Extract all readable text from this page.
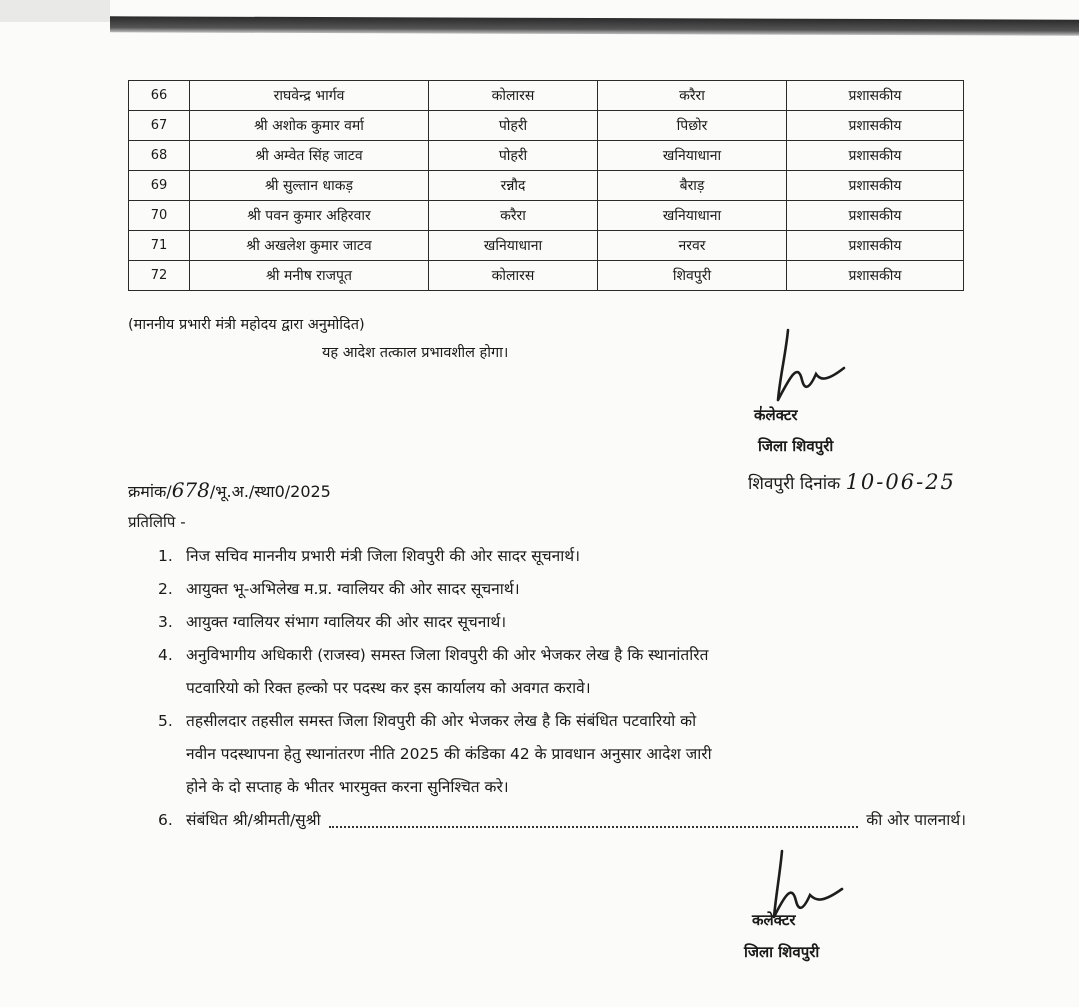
66	राघवेन्द्र भार्गव	कोलारस	करैरा	प्रशासकीय
67	श्री अशोक कुमार वर्मा	पोहरी	पिछोर	प्रशासकीय
68	श्री अम्वेत सिंह जाटव	पोहरी	खनियाधाना	प्रशासकीय
69	श्री सुल्तान धाकड़	रन्नौद	बैराड़	प्रशासकीय
70	श्री पवन कुमार अहिरवार	करैरा	खनियाधाना	प्रशासकीय
71	श्री अखलेश कुमार जाटव	खनियाधाना	नरवर	प्रशासकीय
72	श्री मनीष राजपूत	कोलारस	शिवपुरी	प्रशासकीय
(माननीय प्रभारी मंत्री महोदय द्वारा अनुमोदित)
यह आदेश तत्काल प्रभावशील होगा।
कलेक्टर
जिला शिवपुरी
क्रमांक/678/भू.अ./स्था0/2025	शिवपुरी दिनांक 10-06-25
प्रतिलिपि -
1. निज सचिव माननीय प्रभारी मंत्री जिला शिवपुरी की ओर सादर सूचनार्थ।
2. आयुक्त भू-अभिलेख म.प्र. ग्वालियर की ओर सादर सूचनार्थ।
3. आयुक्त ग्वालियर संभाग ग्वालियर की ओर सादर सूचनार्थ।
4. अनुविभागीय अधिकारी (राजस्व) समस्त जिला शिवपुरी की ओर भेजकर लेख है कि स्थानांतरित
पटवारियो को रिक्त हल्को पर पदस्थ कर इस कार्यालय को अवगत करावे।
5. तहसीलदार तहसील समस्त जिला शिवपुरी की ओर भेजकर लेख है कि संबंधित पटवारियो को
नवीन पदस्थापना हेतु स्थानांतरण नीति 2025 की कंडिका 42 के प्रावधान अनुसार आदेश जारी
होने के दो सप्ताह के भीतर भारमुक्त करना सुनिश्चित करे।
6. संबंधित श्री/श्रीमती/सुश्री	की ओर पालनार्थ।
कलेक्टर
जिला शिवपुरी
